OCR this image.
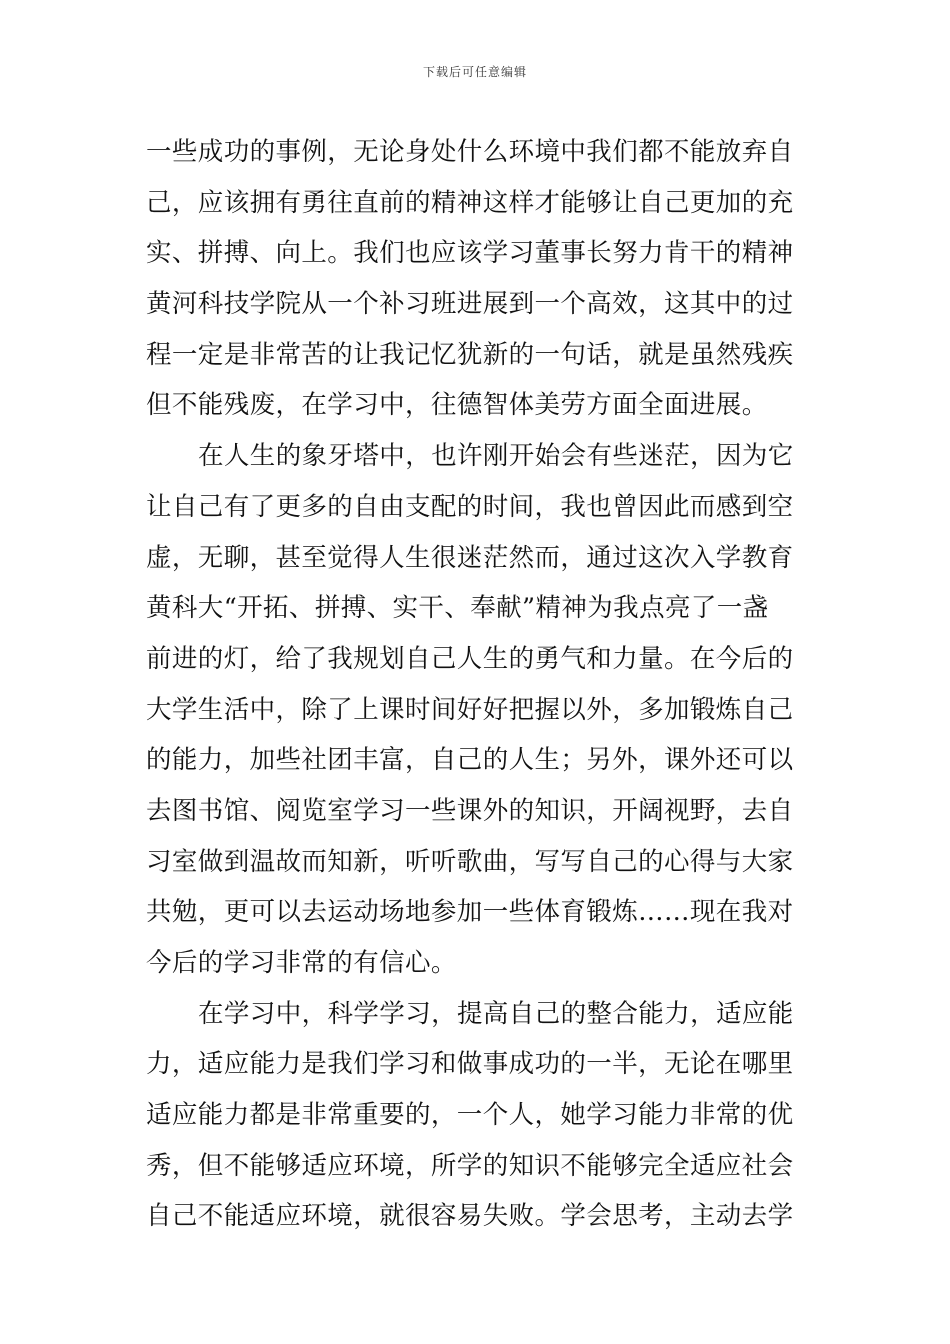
下载后可任意编辑
一些成功的事例，无论身处什么环境中我们都不能放弃自
己，应该拥有勇往直前的精神这样才能够让自己更加的充
实、拼搏、向上。我们也应该学习董事长努力肯干的精神
黄河科技学院从一个补习班进展到一个高效，这其中的过
程一定是非常苦的让我记忆犹新的一句话，就是虽然残疾
但不能残废，在学习中，往德智体美劳方面全面进展。
在人生的象牙塔中，也许刚开始会有些迷茫，因为它
让自己有了更多的自由支配的时间，我也曾因此而感到空
虚，无聊，甚至觉得人生很迷茫然而，通过这次入学教育
黄科大“开拓、拼搏、实干、奉献”精神为我点亮了一盏
前进的灯，给了我规划自己人生的勇气和力量。在今后的
大学生活中，除了上课时间好好把握以外，多加锻炼自己
的能力，加些社团丰富，自己的人生；另外，课外还可以
去图书馆、阅览室学习一些课外的知识，开阔视野，去自
习室做到温故而知新，听听歌曲，写写自己的心得与大家
共勉，更可以去运动场地参加一些体育锻炼……现在我对
今后的学习非常的有信心。
在学习中，科学学习，提高自己的整合能力，适应能
力，适应能力是我们学习和做事成功的一半，无论在哪里
适应能力都是非常重要的，一个人，她学习能力非常的优
秀，但不能够适应环境，所学的知识不能够完全适应社会
自己不能适应环境，就很容易失败。学会思考，主动去学
